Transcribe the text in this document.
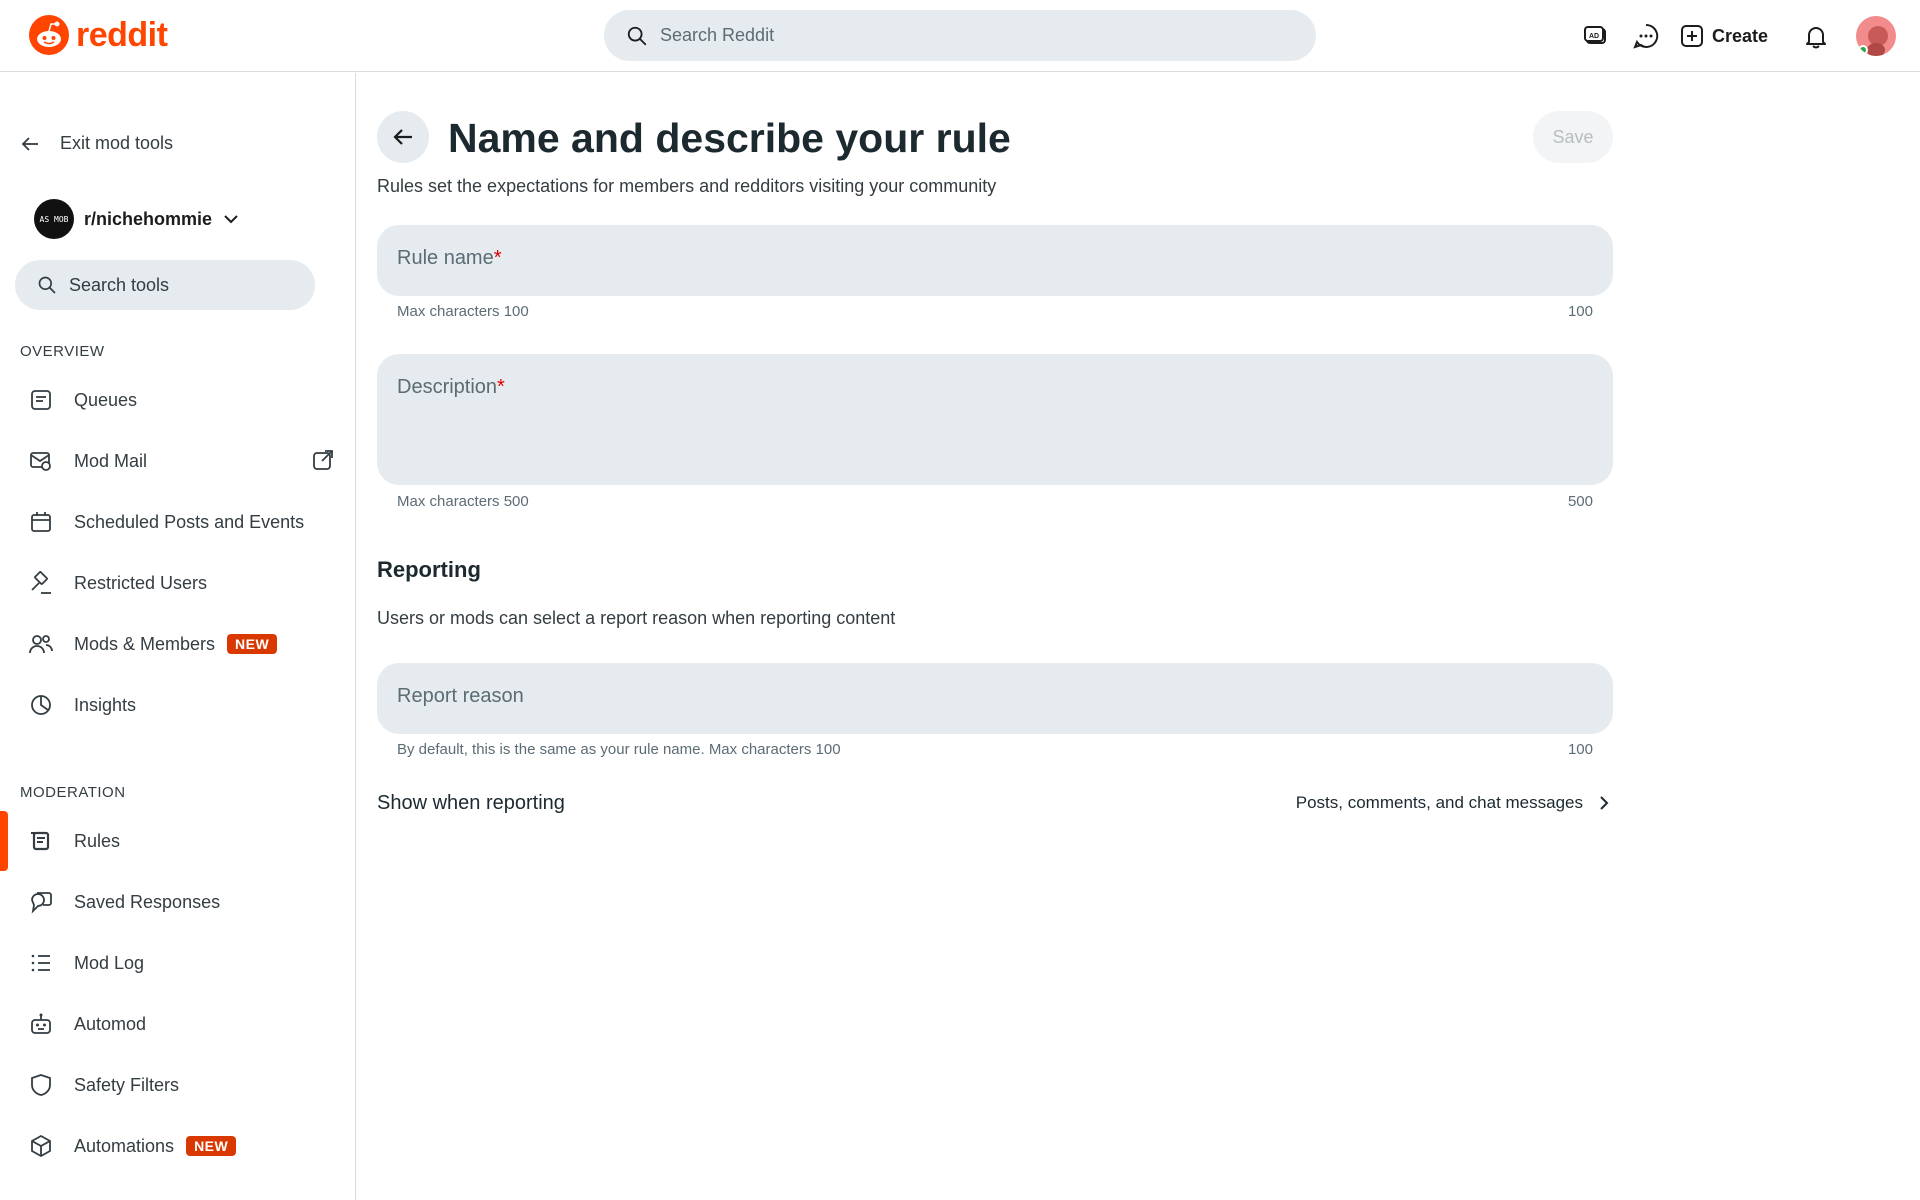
reddit
Search Reddit	AD	Create
Exit mod tools
AS MOB r/nichehommie
Search tools
OVERVIEW
Queues
Mod Mail
Scheduled Posts and Events
Restricted Users
Mods & Members	NEW
Insights
MODERATION
Rules
Saved Responses
Mod Log
Automod
Safety Filters
Automations	NEW
Name and describe your rule	Save
Rules set the expectations for members and redditors visiting your community
Rule name*
Max characters 100	100
Description*
Max characters 500	500
Reporting
Users or mods can select a report reason when reporting content
Report reason
By default, this is the same as your rule name. Max characters 100	100
Show when reporting	Posts, comments, and chat messages
